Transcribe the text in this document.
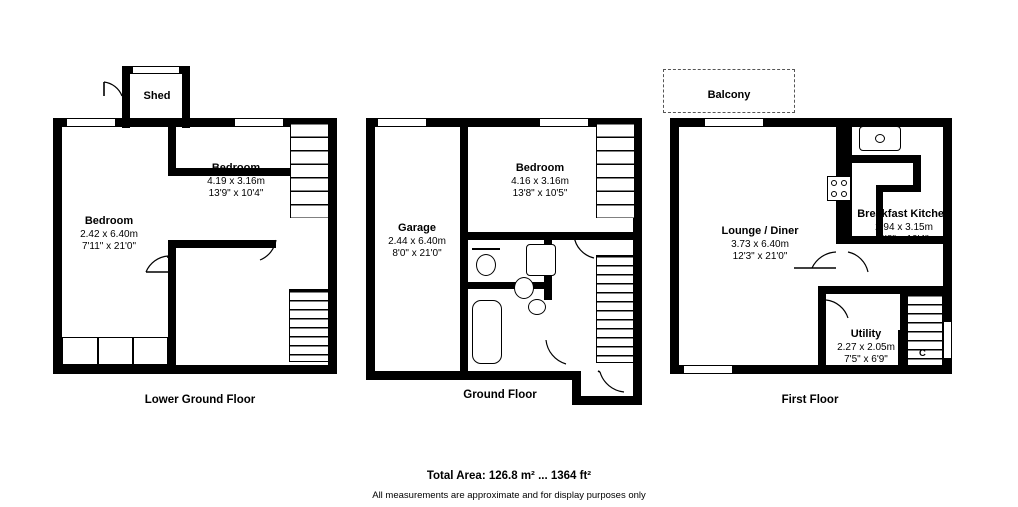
Shed
Bedroom
4.19 x 3.16m
13'9" x 10'4"
Bedroom
2.42 x 6.40m
7'11" x 21'0"
Lower Ground Floor
Bedroom
4.16 x 3.16m
13'8" x 10'5"
Garage
2.44 x 6.40m
8'0" x 21'0"
Ground Floor
Balcony
Lounge / Diner
3.73 x 6.40m
12'3" x 21'0"
Breakfast Kitchen
2.94 x 3.15m
9'8" x 10'4"
Utility
2.27 x 2.05m
7'5" x 6'9"
C
First Floor
Total Area: 126.8 m² ... 1364 ft²
All measurements are approximate and for display purposes only
